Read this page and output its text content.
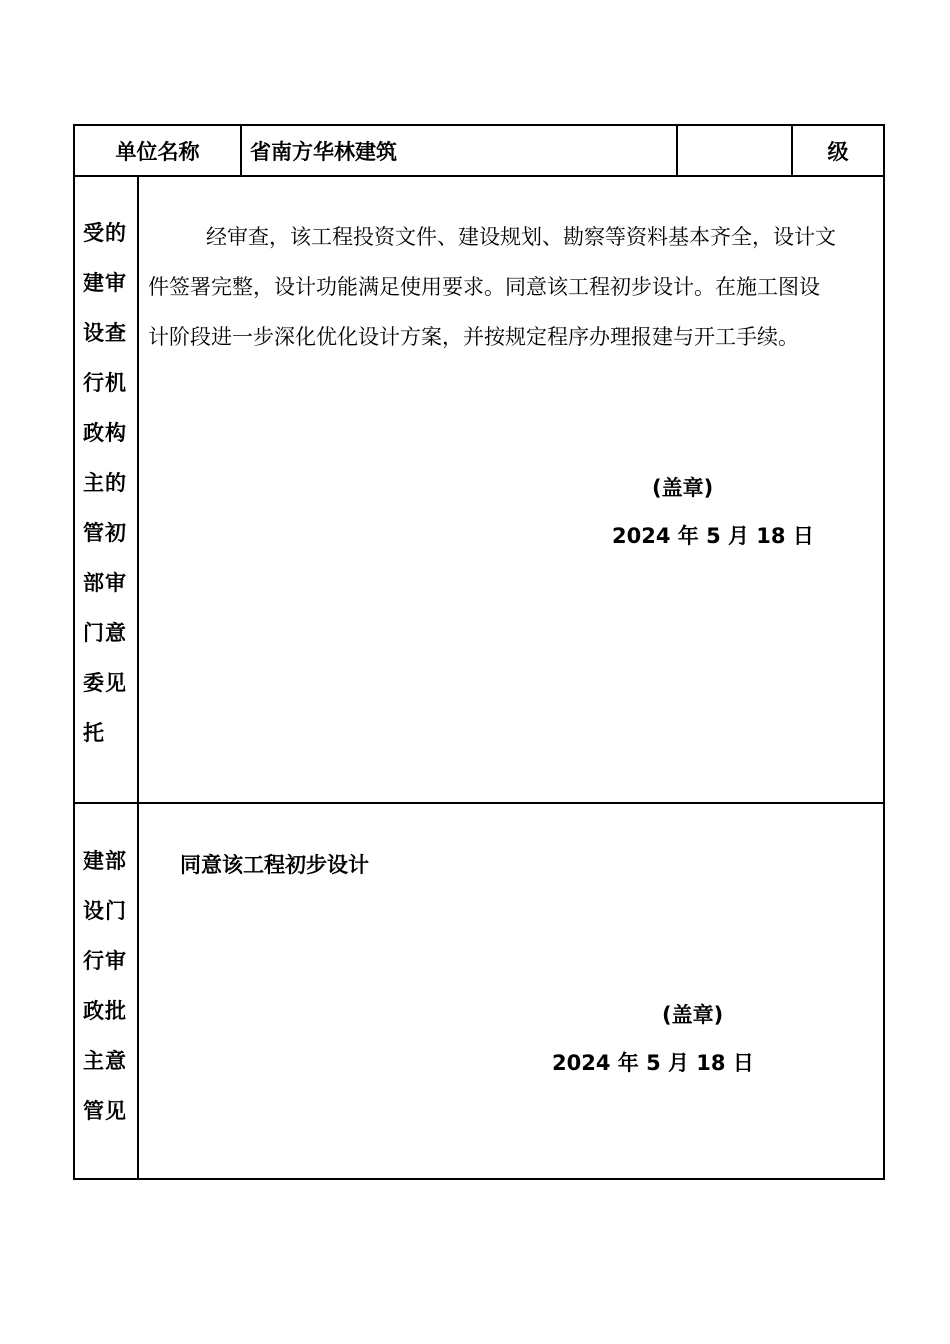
单位名称	省南方华林建筑	级
受的
建审
设查
行机
政构
主的
管初
部审
门意
委见
托
经审查，该工程投资文件、建设规划、勘察等资料基本齐全，设计文
件签署完整，设计功能满足使用要求。同意该工程初步设计。在施工图设
计阶段进一步深化优化设计方案，并按规定程序办理报建与开工手续。
(盖章)
2024 年 5 月 18 日
建部
设门
行审
政批
主意
管见
同意该工程初步设计
(盖章)
2024 年 5 月 18 日
